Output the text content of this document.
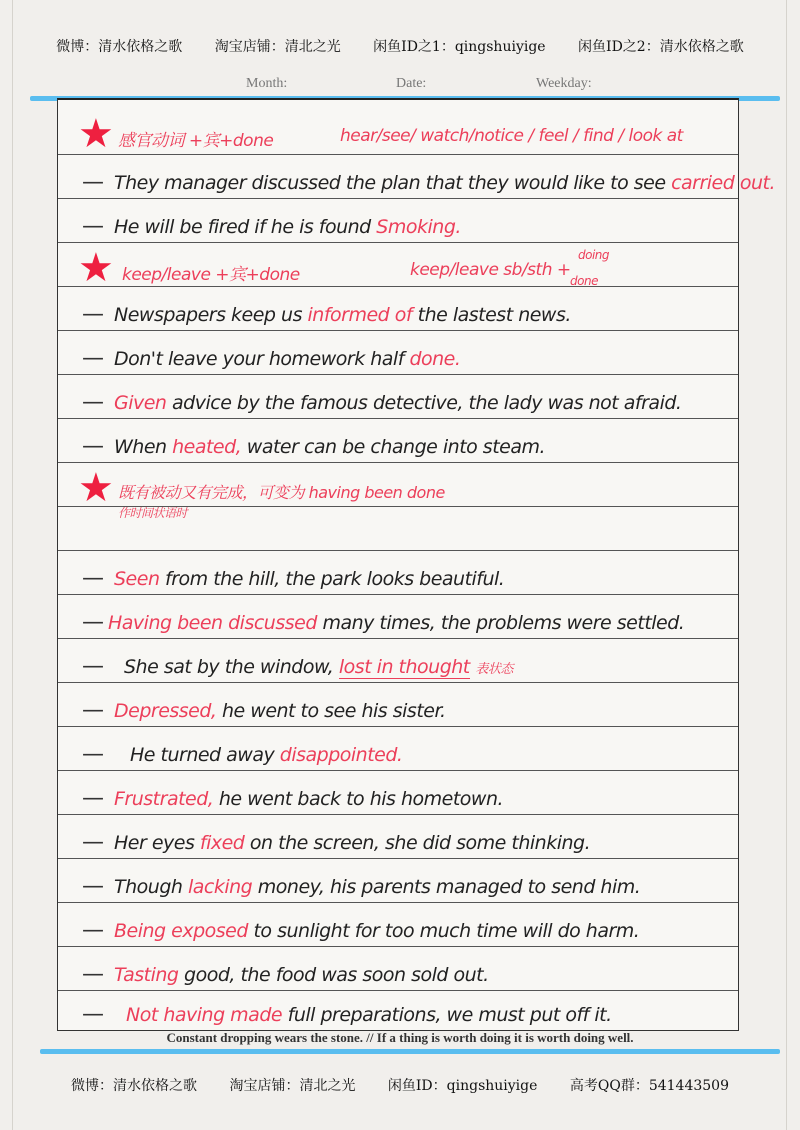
微博：清水依格之歌 淘宝店铺：清北之光 闲鱼ID之1：qingshuiyige 闲鱼ID之2：清水依格之歌
Month:	Date:	Weekday:
★ 感官动词 +宾+done	hear/see/ watch/notice / feel / find / look at
— They manager discussed the plan that they would like to see carried out.
— He will be fired if he is found Smoking.
★ keep/leave +宾+done	keep/leave sb/sth +
doing
done
— Newspapers keep us informed of the lastest news.
— Don't leave your homework half done.
— Given advice by the famous detective, the lady was not afraid.
— When heated, water can be change into steam.
★ 既有被动又有完成，可变为 having been done
作时间状语时
— Seen from the hill, the park looks beautiful.
— Having been discussed many times, the problems were settled.
— She sat by the window, lost in thought 表状态
— Depressed, he went to see his sister.
— He turned away disappointed.
— Frustrated, he went back to his hometown.
— Her eyes fixed on the screen, she did some thinking.
— Though lacking money, his parents managed to send him.
— Being exposed to sunlight for too much time will do harm.
— Tasting good, the food was soon sold out.
— Not having made full preparations, we must put off it.
Constant dropping wears the stone. // If a thing is worth doing it is worth doing well.
微博：清水依格之歌 淘宝店铺：清北之光 闲鱼ID：qingshuiyige 高考QQ群：541443509
